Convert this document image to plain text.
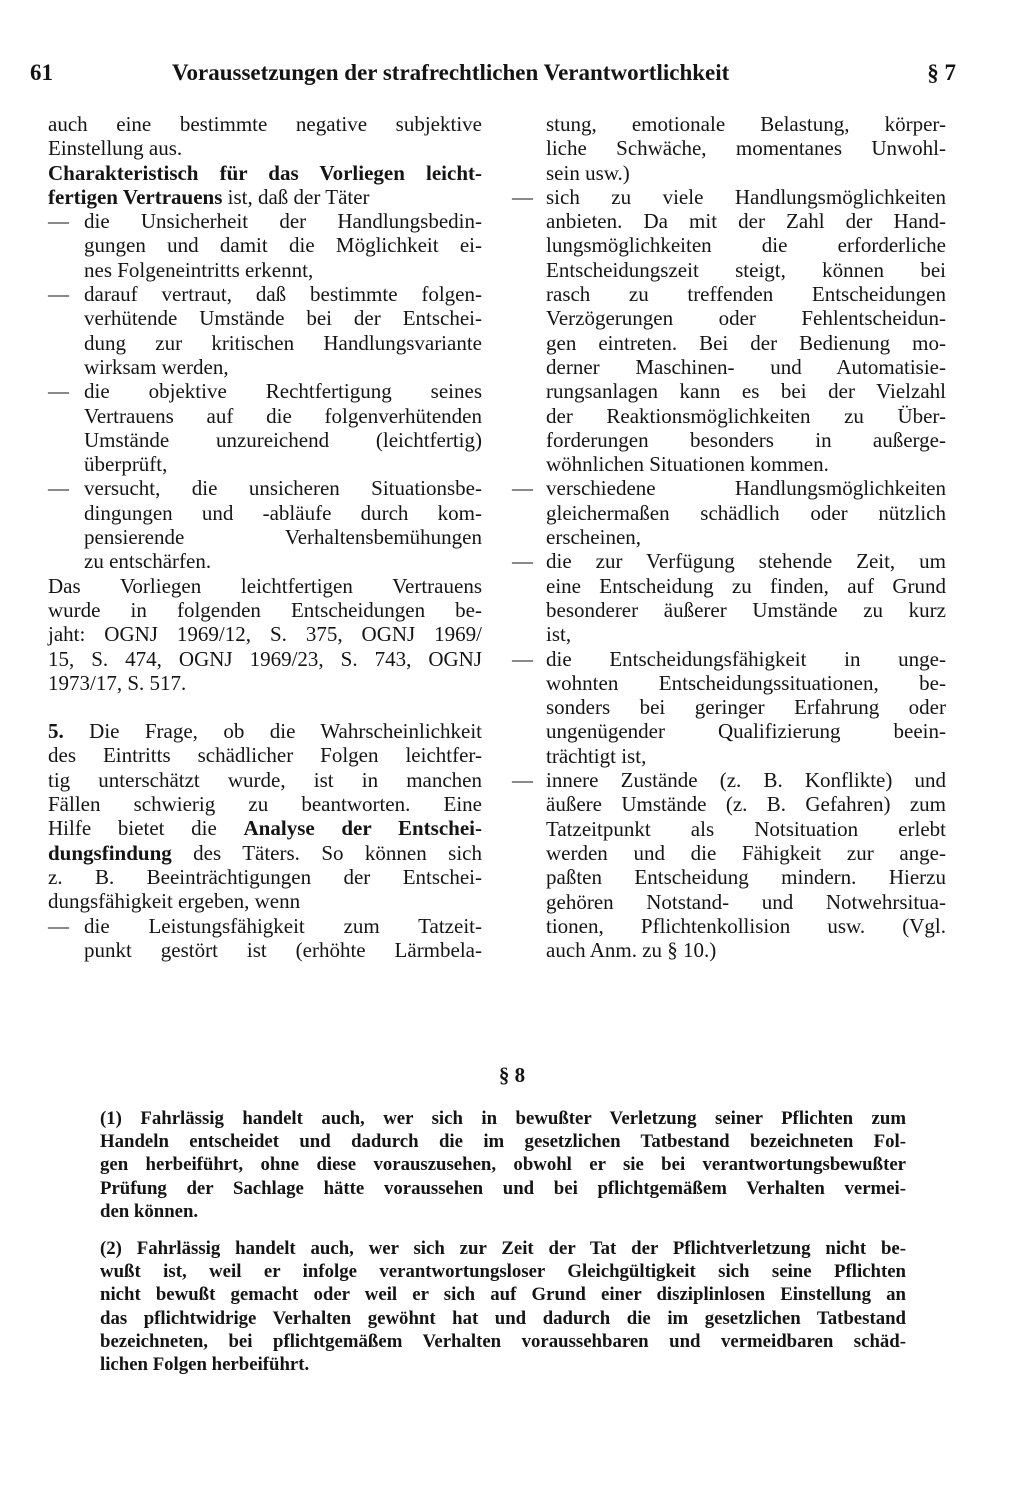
61	Voraussetzungen der strafrechtlichen Verantwortlichkeit	§ 7
auch eine bestimmte negative subjektive
Einstellung aus.
Charakteristisch für das Vorliegen leicht-
fertigen Vertrauens ist, daß der Täter
— die Unsicherheit der Handlungsbedin-
gungen und damit die Möglichkeit ei-
nes Folgeneintritts erkennt,
— darauf vertraut, daß bestimmte folgen-
verhütende Umstände bei der Entschei-
dung zur kritischen Handlungsvariante
wirksam werden,
— die objektive Rechtfertigung seines
Vertrauens auf die folgenverhütenden
Umstände unzureichend (leichtfertig)
überprüft,
— versucht, die unsicheren Situationsbe-
dingungen und -abläufe durch kom-
pensierende Verhaltensbemühungen
zu entschärfen.
Das Vorliegen leichtfertigen Vertrauens
wurde in folgenden Entscheidungen be-
jaht: OGNJ 1969/12, S. 375, OGNJ 1969/
15, S. 474, OGNJ 1969/23, S. 743, OGNJ
1973/17, S. 517.
5. Die Frage, ob die Wahrscheinlichkeit
des Eintritts schädlicher Folgen leichtfer-
tig unterschätzt wurde, ist in manchen
Fällen schwierig zu beantworten. Eine
Hilfe bietet die Analyse der Entschei-
dungsfindung des Täters. So können sich
z. B. Beeinträchtigungen der Entschei-
dungsfähigkeit ergeben, wenn
— die Leistungsfähigkeit zum Tatzeit-
punkt gestört ist (erhöhte Lärmbela-
stung, emotionale Belastung, körper-
liche Schwäche, momentanes Unwohl-
sein usw.)
— sich zu viele Handlungsmöglichkeiten
anbieten. Da mit der Zahl der Hand-
lungsmöglichkeiten die erforderliche
Entscheidungszeit steigt, können bei
rasch zu treffenden Entscheidungen
Verzögerungen oder Fehlentscheidun-
gen eintreten. Bei der Bedienung mo-
derner Maschinen- und Automatisie-
rungsanlagen kann es bei der Vielzahl
der Reaktionsmöglichkeiten zu Über-
forderungen besonders in außerge-
wöhnlichen Situationen kommen.
— verschiedene Handlungsmöglichkeiten
gleichermaßen schädlich oder nützlich
erscheinen,
— die zur Verfügung stehende Zeit, um
eine Entscheidung zu finden, auf Grund
besonderer äußerer Umstände zu kurz
ist,
— die Entscheidungsfähigkeit in unge-
wohnten Entscheidungssituationen, be-
sonders bei geringer Erfahrung oder
ungenügender Qualifizierung beein-
trächtigt ist,
— innere Zustände (z. B. Konflikte) und
äußere Umstände (z. B. Gefahren) zum
Tatzeitpunkt als Notsituation erlebt
werden und die Fähigkeit zur ange-
paßten Entscheidung mindern. Hierzu
gehören Notstand- und Notwehrsitua-
tionen, Pflichtenkollision usw. (Vgl.
auch Anm. zu § 10.)
§ 8
(1) Fahrlässig handelt auch, wer sich in bewußter Verletzung seiner Pflichten zum
Handeln entscheidet und dadurch die im gesetzlichen Tatbestand bezeichneten Fol-
gen herbeiführt, ohne diese vorauszusehen, obwohl er sie bei verantwortungsbewußter
Prüfung der Sachlage hätte voraussehen und bei pflichtgemäßem Verhalten vermei-
den können.
(2) Fahrlässig handelt auch, wer sich zur Zeit der Tat der Pflichtverletzung nicht be-
wußt ist, weil er infolge verantwortungsloser Gleichgültigkeit sich seine Pflichten
nicht bewußt gemacht oder weil er sich auf Grund einer disziplinlosen Einstellung an
das pflichtwidrige Verhalten gewöhnt hat und dadurch die im gesetzlichen Tatbestand
bezeichneten, bei pflichtgemäßem Verhalten voraussehbaren und vermeidbaren schäd-
lichen Folgen herbeiführt.
